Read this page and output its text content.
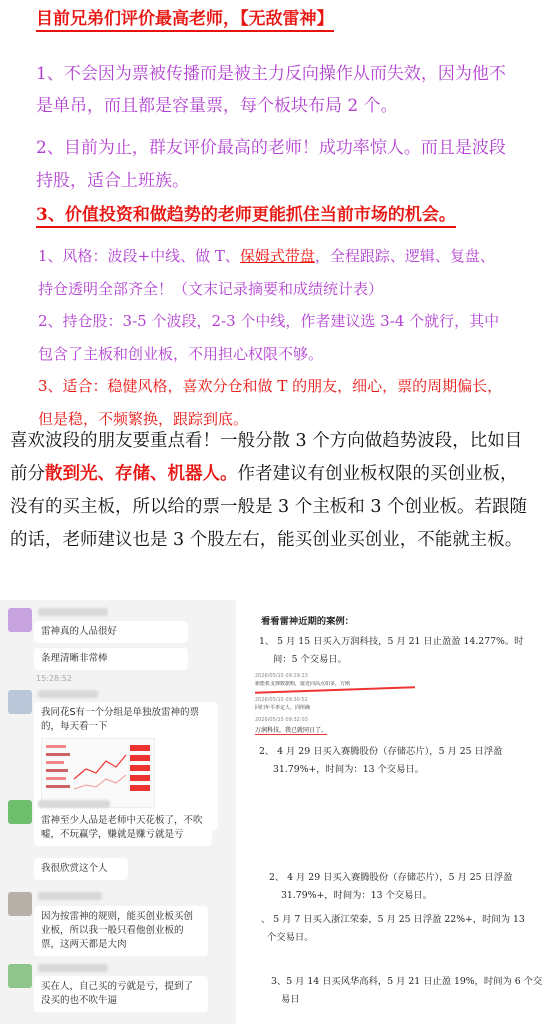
目前兄弟们评价最高老师，【无敌雷神】
1、不会因为票被传播而是被主力反向操作从而失效，因为他不是单吊，而且都是容量票，每个板块布局 2 个。
2、目前为止，群友评价最高的老师！成功率惊人。而且是波段持股，适合上班族。
3、价值投资和做趋势的老师更能抓住当前市场的机会。
1、风格：波段+中线、做 T、保姆式带盘，全程跟踪、逻辑、复盘、持仓透明全部齐全！（文末记录摘要和成绩统计表）
2、持仓股：3-5 个波段，2-3 个中线，作者建议选 3-4 个就行，其中包含了主板和创业板，不用担心权限不够。
3、适合：稳健风格，喜欢分仓和做 T 的朋友，细心，票的周期偏长，但是稳，不频繁换，跟踪到底。
喜欢波段的朋友要重点看！一般分散 3 个方向做趋势波段，比如目前分散到光、存储、机器人。作者建议有创业板权限的买创业板，没有的买主板，所以给的票一般是 3 个主板和 3 个创业板。若跟随的话，老师建议也是 3 个股左右，能买创业买创业，不能就主板。
雷神真的人品很好
条理清晰非常棒
15:28:52
我同花S有一个分组是单独放雷神的票的，每天看一下
雷神至少人品是老师中天花板了，不吹嘘，不玩赢学，赚就是赚亏就是亏
我很欣赏这个人
因为按雷神的规则，能买创业板买创业板，所以我一般只看他创业板的票，这两天都是大肉
买在人，自己买的亏就是亏，提到了没买的也不吹牛逼
看看雷神近期的案例：
1、 5 月 15 日买入万润科技，5 月 21 日止盈盈 14.277%。时
间：5 个交易日。
2026/05/15 09:29:23
新能机支撑数据购，接近同高点如多，方刚
2026/05/15 09:30:52
回归年平率定人，同所确
2026/05/15 09:32:03
万润科技，我已就同日了。
2、 4 月 29 日买入赛腾股份（存储芯片），5 月 25 日浮盈
31.79%+，时间为：13 个交易日。
2、 4 月 29 日买入赛腾股份（存储芯片），5 月 25 日浮盈
31.79%+，时间为：13 个交易日。
、 5 月 7 日买入浙江荣泰，5 月 25 日浮盈 22%+，时间为 13
个交易日。
3、5 月 14 日买风华高科，5 月 21 日止盈 19%，时间为 6 个交
易日
